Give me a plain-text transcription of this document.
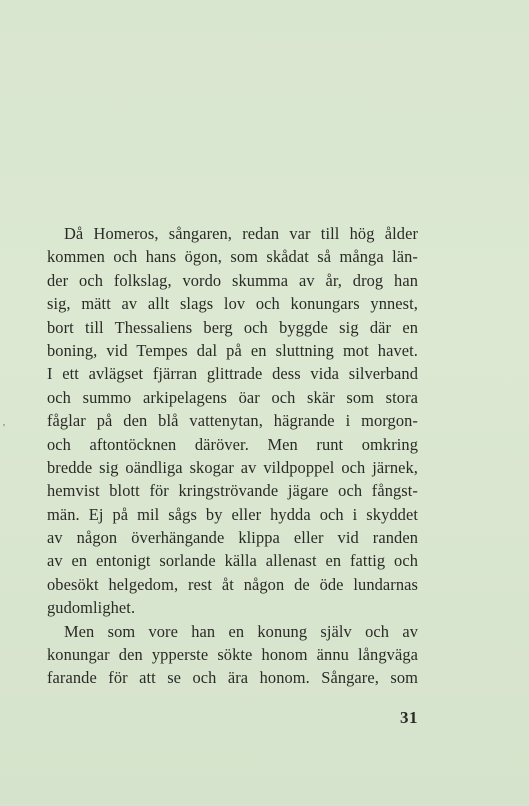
'
Då Homeros, sångaren, redan var till hög ålder
kommen och hans ögon, som skådat så många län-
der och folkslag, vordo skumma av år, drog han
sig, mätt av allt slags lov och konungars ynnest,
bort till Thessaliens berg och byggde sig där en
boning, vid Tempes dal på en sluttning mot havet.
I ett avlägset fjärran glittrade dess vida silverband
och summo arkipelagens öar och skär som stora
fåglar på den blå vattenytan, hägrande i morgon-
och aftontöcknen däröver. Men runt omkring
bredde sig oändliga skogar av vildpoppel och järnek,
hemvist blott för kringströvande jägare och fångst-
män. Ej på mil sågs by eller hydda och i skyddet
av någon överhängande klippa eller vid randen
av en entonigt sorlande källa allenast en fattig och
obesökt helgedom, rest åt någon de öde lundarnas
gudomlighet.
Men som vore han en konung själv och av
konungar den ypperste sökte honom ännu långväga
farande för att se och ära honom. Sångare, som
31
